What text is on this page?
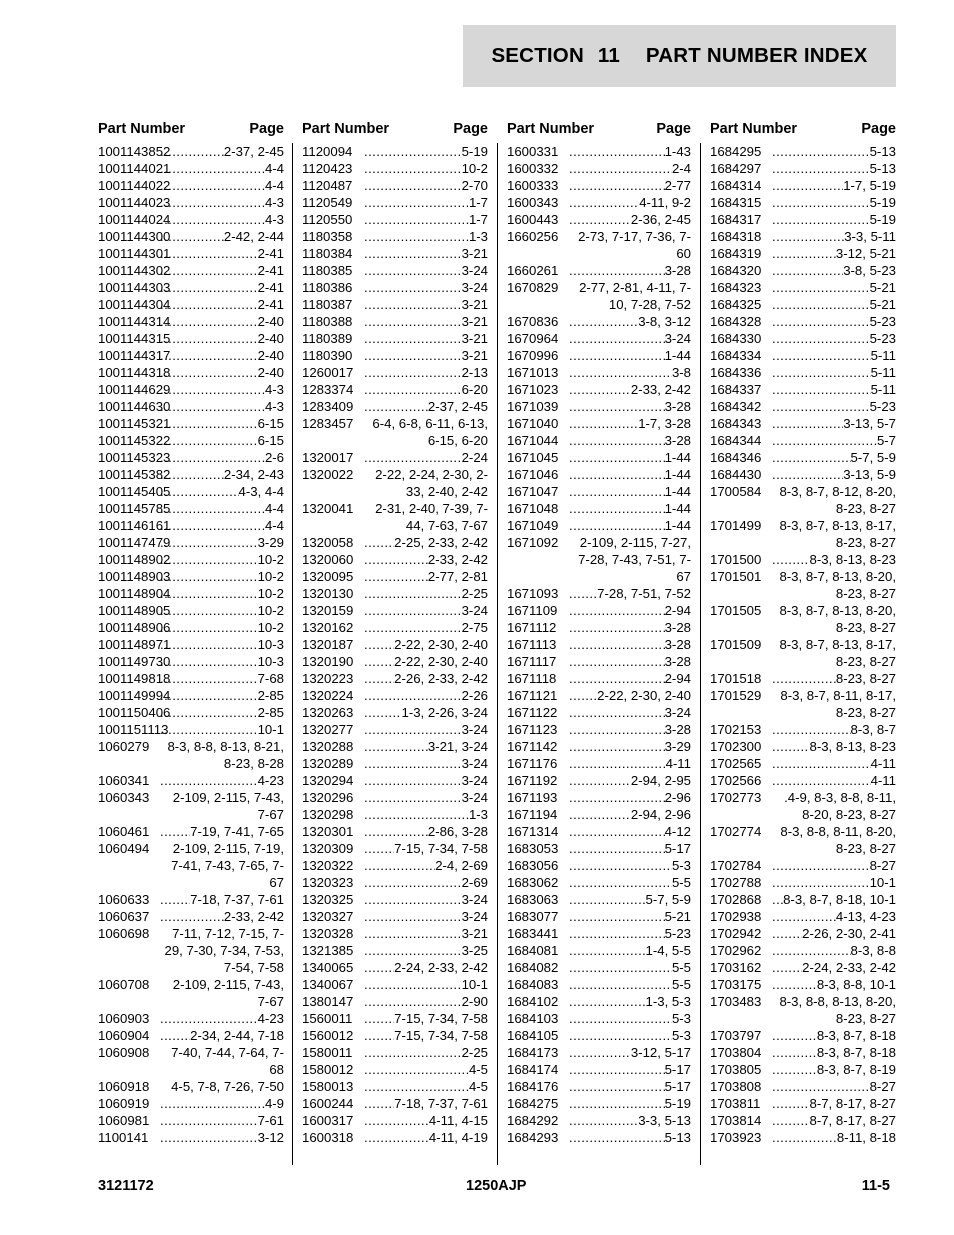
SECTION 11 PART NUMBER INDEX
Part Number	Page
1001143852 .....	2-37, 2-45
1001144021 .....	4-4
1001144022 .....	4-4
1001144023 .....	4-3
1001144024 .....	4-3
1001144300 .....	2-42, 2-44
1001144301 .....	2-41
1001144302 .....	2-41
1001144303 .....	2-41
1001144304 .....	2-41
1001144314 .....	2-40
1001144315 .....	2-40
1001144317 .....	2-40
1001144318 .....	2-40
1001144629 .....	4-3
1001144630 .....	4-3
1001145321 .....	6-15
1001145322 .....	6-15
1001145323 .....	2-6
1001145382 .....	2-34, 2-43
1001145405 .....	4-3, 4-4
1001145785 .....	4-4
1001146161 .....	4-4
1001147479 .....	3-29
1001148902 .....	10-2
1001148903 .....	10-2
1001148904 .....	10-2
1001148905 .....	10-2
1001148906 .....	10-2
1001148971 .....	10-3
1001149730 .....	10-3
1001149818 .....	7-68
1001149994 .....	2-85
1001150406 .....	2-85
1001151113 .....	10-1
1060279	8-3, 8-8, 8-13, 8-21, 8-23, 8-28
1060341 .....	4-23
1060343	2-109, 2-115, 7-43, 7-67
1060461 .....	7-19, 7-41, 7-65
1060494	2-109, 2-115, 7-19, 7-41, 7-43, 7-65, 7-67
1060633 .....	7-18, 7-37, 7-61
1060637 .....	2-33, 2-42
1060698	7-11, 7-12, 7-15, 7-29, 7-30, 7-34, 7-53, 7-54, 7-58
1060708	2-109, 2-115, 7-43, 7-67
1060903 .....	4-23
1060904 .....	2-34, 2-44, 7-18
1060908	7-40, 7-44, 7-64, 7-68
1060918	4-5, 7-8, 7-26, 7-50
1060919 .....	4-9
1060981 .....	7-61
1100141 .....	3-12
Part Number	Page
1120094 .....	5-19
1120423 .....	10-2
1120487 .....	2-70
1120549 .....	1-7
1120550 .....	1-7
1180358 .....	1-3
1180384 .....	3-21
1180385 .....	3-24
1180386 .....	3-24
1180387 .....	3-21
1180388 .....	3-21
1180389 .....	3-21
1180390 .....	3-21
1260017 .....	2-13
1283374 .....	6-20
1283409 .....	2-37, 2-45
1283457	6-4, 6-8, 6-11, 6-13, 6-15, 6-20
1320017 .....	2-24
1320022	2-22, 2-24, 2-30, 2-33, 2-40, 2-42
1320041	2-31, 2-40, 7-39, 7-44, 7-63, 7-67
1320058 .....	2-25, 2-33, 2-42
1320060 .....	2-33, 2-42
1320095 .....	2-77, 2-81
1320130 .....	2-25
1320159 .....	3-24
1320162 .....	2-75
1320187 .....	2-22, 2-30, 2-40
1320190 .....	2-22, 2-30, 2-40
1320223 .....	2-26, 2-33, 2-42
1320224 .....	2-26
1320263 .....	1-3, 2-26, 3-24
1320277 .....	3-24
1320288 .....	3-21, 3-24
1320289 .....	3-24
1320294 .....	3-24
1320296 .....	3-24
1320298 .....	1-3
1320301 .....	2-86, 3-28
1320309 .....	7-15, 7-34, 7-58
1320322 .....	2-4, 2-69
1320323 .....	2-69
1320325 .....	3-24
1320327 .....	3-24
1320328 .....	3-21
1321385 .....	3-25
1340065 .....	2-24, 2-33, 2-42
1340067 .....	10-1
1380147 .....	2-90
1560011 .....	7-15, 7-34, 7-58
1560012 .....	7-15, 7-34, 7-58
1580011 .....	2-25
1580012 .....	4-5
1580013 .....	4-5
1600244 .....	7-18, 7-37, 7-61
1600317 .....	4-11, 4-15
1600318 .....	4-11, 4-19
Part Number	Page
1600331 .....	1-43
1600332 .....	2-4
1600333 .....	2-77
1600343 .....	4-11, 9-2
1600443 .....	2-36, 2-45
1660256	2-73, 7-17, 7-36, 7-60
1660261 .....	3-28
1670829	2-77, 2-81, 4-11, 7-10, 7-28, 7-52
1670836 .....	3-8, 3-12
1670964 .....	3-24
1670996 .....	1-44
1671013 .....	3-8
1671023 .....	2-33, 2-42
1671039 .....	3-28
1671040 .....	1-7, 3-28
1671044 .....	3-28
1671045 .....	1-44
1671046 .....	1-44
1671047 .....	1-44
1671048 .....	1-44
1671049 .....	1-44
1671092	2-109, 2-115, 7-27, 7-28, 7-43, 7-51, 7-67
1671093 .....	7-28, 7-51, 7-52
1671109 .....	2-94
1671112 .....	3-28
1671113 .....	3-28
1671117 .....	3-28
1671118 .....	2-94
1671121 .....	2-22, 2-30, 2-40
1671122 .....	3-24
1671123 .....	3-28
1671142 .....	3-29
1671176 .....	4-11
1671192 .....	2-94, 2-95
1671193 .....	2-96
1671194 .....	2-94, 2-96
1671314 .....	4-12
1683053 .....	5-17
1683056 .....	5-3
1683062 .....	5-5
1683063 .....	5-7, 5-9
1683077 .....	5-21
1683441 .....	5-23
1684081 .....	1-4, 5-5
1684082 .....	5-5
1684083 .....	5-5
1684102 .....	1-3, 5-3
1684103 .....	5-3
1684105 .....	5-3
1684173 .....	3-12, 5-17
1684174 .....	5-17
1684176 .....	5-17
1684275 .....	5-19
1684292 .....	3-3, 5-13
1684293 .....	5-13
Part Number	Page
1684295 .....	5-13
1684297 .....	5-13
1684314 .....	1-7, 5-19
1684315 .....	5-19
1684317 .....	5-19
1684318 .....	3-3, 5-11
1684319 .....	3-12, 5-21
1684320 .....	3-8, 5-23
1684323 .....	5-21
1684325 .....	5-21
1684328 .....	5-23
1684330 .....	5-23
1684334 .....	5-11
1684336 .....	5-11
1684337 .....	5-11
1684342 .....	5-23
1684343 .....	3-13, 5-7
1684344 .....	5-7
1684346 .....	5-7, 5-9
1684430 .....	3-13, 5-9
1700584	8-3, 8-7, 8-12, 8-20, 8-23, 8-27
1701499	8-3, 8-7, 8-13, 8-17, 8-23, 8-27
1701500 .....	8-3, 8-13, 8-23
1701501	8-3, 8-7, 8-13, 8-20, 8-23, 8-27
1701505	8-3, 8-7, 8-13, 8-20, 8-23, 8-27
1701509	8-3, 8-7, 8-13, 8-17, 8-23, 8-27
1701518 .....	8-23, 8-27
1701529	8-3, 8-7, 8-11, 8-17, 8-23, 8-27
1702153 .....	8-3, 8-7
1702300 .....	8-3, 8-13, 8-23
1702565 .....	4-11
1702566 .....	4-11
1702773	.4-9, 8-3, 8-8, 8-11, 8-20, 8-23, 8-27
1702774	8-3, 8-8, 8-11, 8-20, 8-23, 8-27
1702784 .....	8-27
1702788 .....	10-1
1702868 .....	8-3, 8-7, 8-18, 10-1
1702938 .....	4-13, 4-23
1702942 .....	2-26, 2-30, 2-41
1702962 .....	8-3, 8-8
1703162 .....	2-24, 2-33, 2-42
1703175 .....	8-3, 8-8, 10-1
1703483	8-3, 8-8, 8-13, 8-20, 8-23, 8-27
1703797 .....	8-3, 8-7, 8-18
1703804 .....	8-3, 8-7, 8-18
1703805 .....	8-3, 8-7, 8-19
1703808 .....	8-27
1703811 .....	8-7, 8-17, 8-27
1703814 .....	8-7, 8-17, 8-27
1703923 .....	8-11, 8-18
3121172	1250AJP	11-5
